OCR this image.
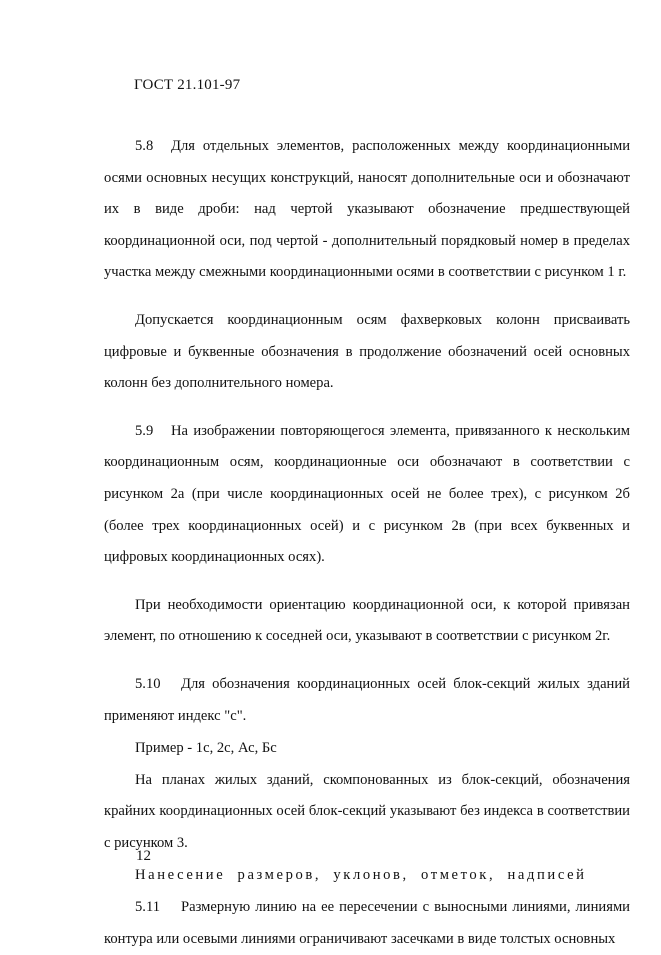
ГОСТ 21.101-97

5.8 Для отдельных элементов, расположенных между координационными осями основных несущих конструкций, наносят дополнительные оси и обозначают их в виде дроби: над чертой указывают обозначение предшествующей координационной оси, под чертой - дополнительный порядковый номер в пределах участка между смежными координационными осями в соответствии с рисунком 1 г.

Допускается координационным осям фахверковых колонн присваивать цифровые и буквенные обозначения в продолжение обозначений осей основных колонн без дополнительного номера.

5.9 На изображении повторяющегося элемента, привязанного к нескольким координационным осям, координационные оси обозначают в соответствии с рисунком 2а (при числе координационных осей не более трех), с рисунком 2б (более трех координационных осей) и с рисунком 2в (при всех буквенных и цифровых координационных осях).

При необходимости ориентацию координационной оси, к которой привязан элемент, по отношению к соседней оси, указывают в соответствии с рисунком 2г.

5.10 Для обозначения координационных осей блок-секций жилых зданий применяют индекс "с".

Пример - 1с, 2с, Ас, Бс

На планах жилых зданий, скомпонованных из блок-секций, обозначения крайних координационных осей блок-секций указывают без индекса в соответствии с рисунком 3.

Нанесение размеров, уклонов, отметок, надписей

5.11 Размерную линию на ее пересечении с выносными линиями, линиями контура или осевыми линиями ограничивают засечками в виде толстых основных

12
